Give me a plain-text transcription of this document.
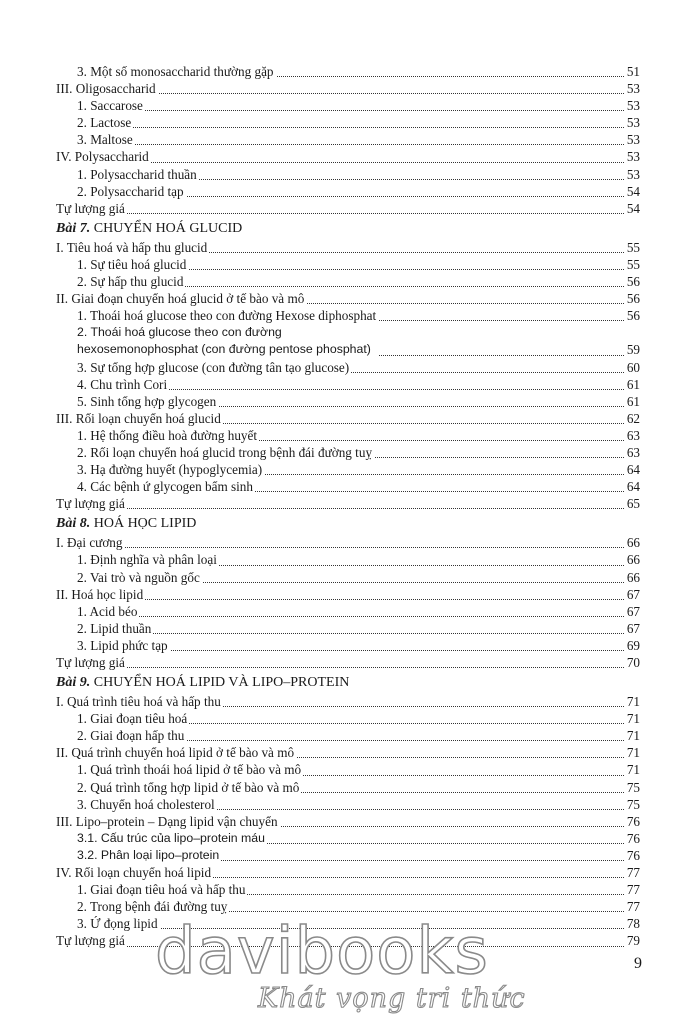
3. Một số monosaccharid thường gặp	51
III. Oligosaccharid	53
1. Saccarose	53
2. Lactose	53
3. Maltose	53
IV. Polysaccharid	53
1. Polysaccharid thuần	53
2. Polysaccharid tạp	54
Tự lượng giá	54
Bài 7. CHUYỂN HOÁ GLUCID
I. Tiêu hoá và hấp thu glucid	55
1. Sự tiêu hoá glucid	55
2. Sự hấp thu glucid	56
II. Giai đoạn chuyển hoá glucid ở tế bào và mô	56
1. Thoái hoá glucose theo con đường Hexose diphosphat	56
2. Thoái hoá glucose theo con đường hexosemonophosphat (con đường pentose phosphat)	59
3. Sự tổng hợp glucose (con đường tân tạo glucose)	60
4. Chu trình Cori	61
5. Sinh tổng hợp glycogen	61
III. Rối loạn chuyển hoá glucid	62
1. Hệ thống điều hoà đường huyết	63
2. Rối loạn chuyển hoá glucid trong bệnh đái đường tuỵ	63
3. Hạ đường huyết (hypoglycemia)	64
4. Các bệnh ứ glycogen bẩm sinh	64
Tự lượng giá	65
Bài 8. HOÁ HỌC LIPID
I. Đại cương	66
1. Định nghĩa và phân loại	66
2. Vai trò và nguồn gốc	66
II. Hoá học lipid	67
1. Acid béo	67
2. Lipid thuần	67
3. Lipid phức tạp	69
Tự lượng giá	70
Bài 9. CHUYỂN HOÁ LIPID VÀ LIPO–PROTEIN
I. Quá trình tiêu hoá và hấp thu	71
1. Giai đoạn tiêu hoá	71
2. Giai đoạn hấp thu	71
II. Quá trình chuyển hoá lipid ở tế bào và mô	71
1. Quá trình thoái hoá lipid ở tế bào và mô	71
2. Quá trình tổng hợp lipid ở tế bào và mô	75
3. Chuyển hoá cholesterol	75
III. Lipo–protein – Dạng lipid vận chuyển	76
3.1. Cấu trúc của lipo–protein máu	76
3.2. Phân loại lipo–protein	76
IV. Rối loạn chuyển hoá lipid	77
1. Giai đoạn tiêu hoá và hấp thu	77
2. Trong bệnh đái đường tuỵ	77
3. Ứ đọng lipid	78
Tự lượng giá	79
9
davibooks
Khát vọng tri thức
